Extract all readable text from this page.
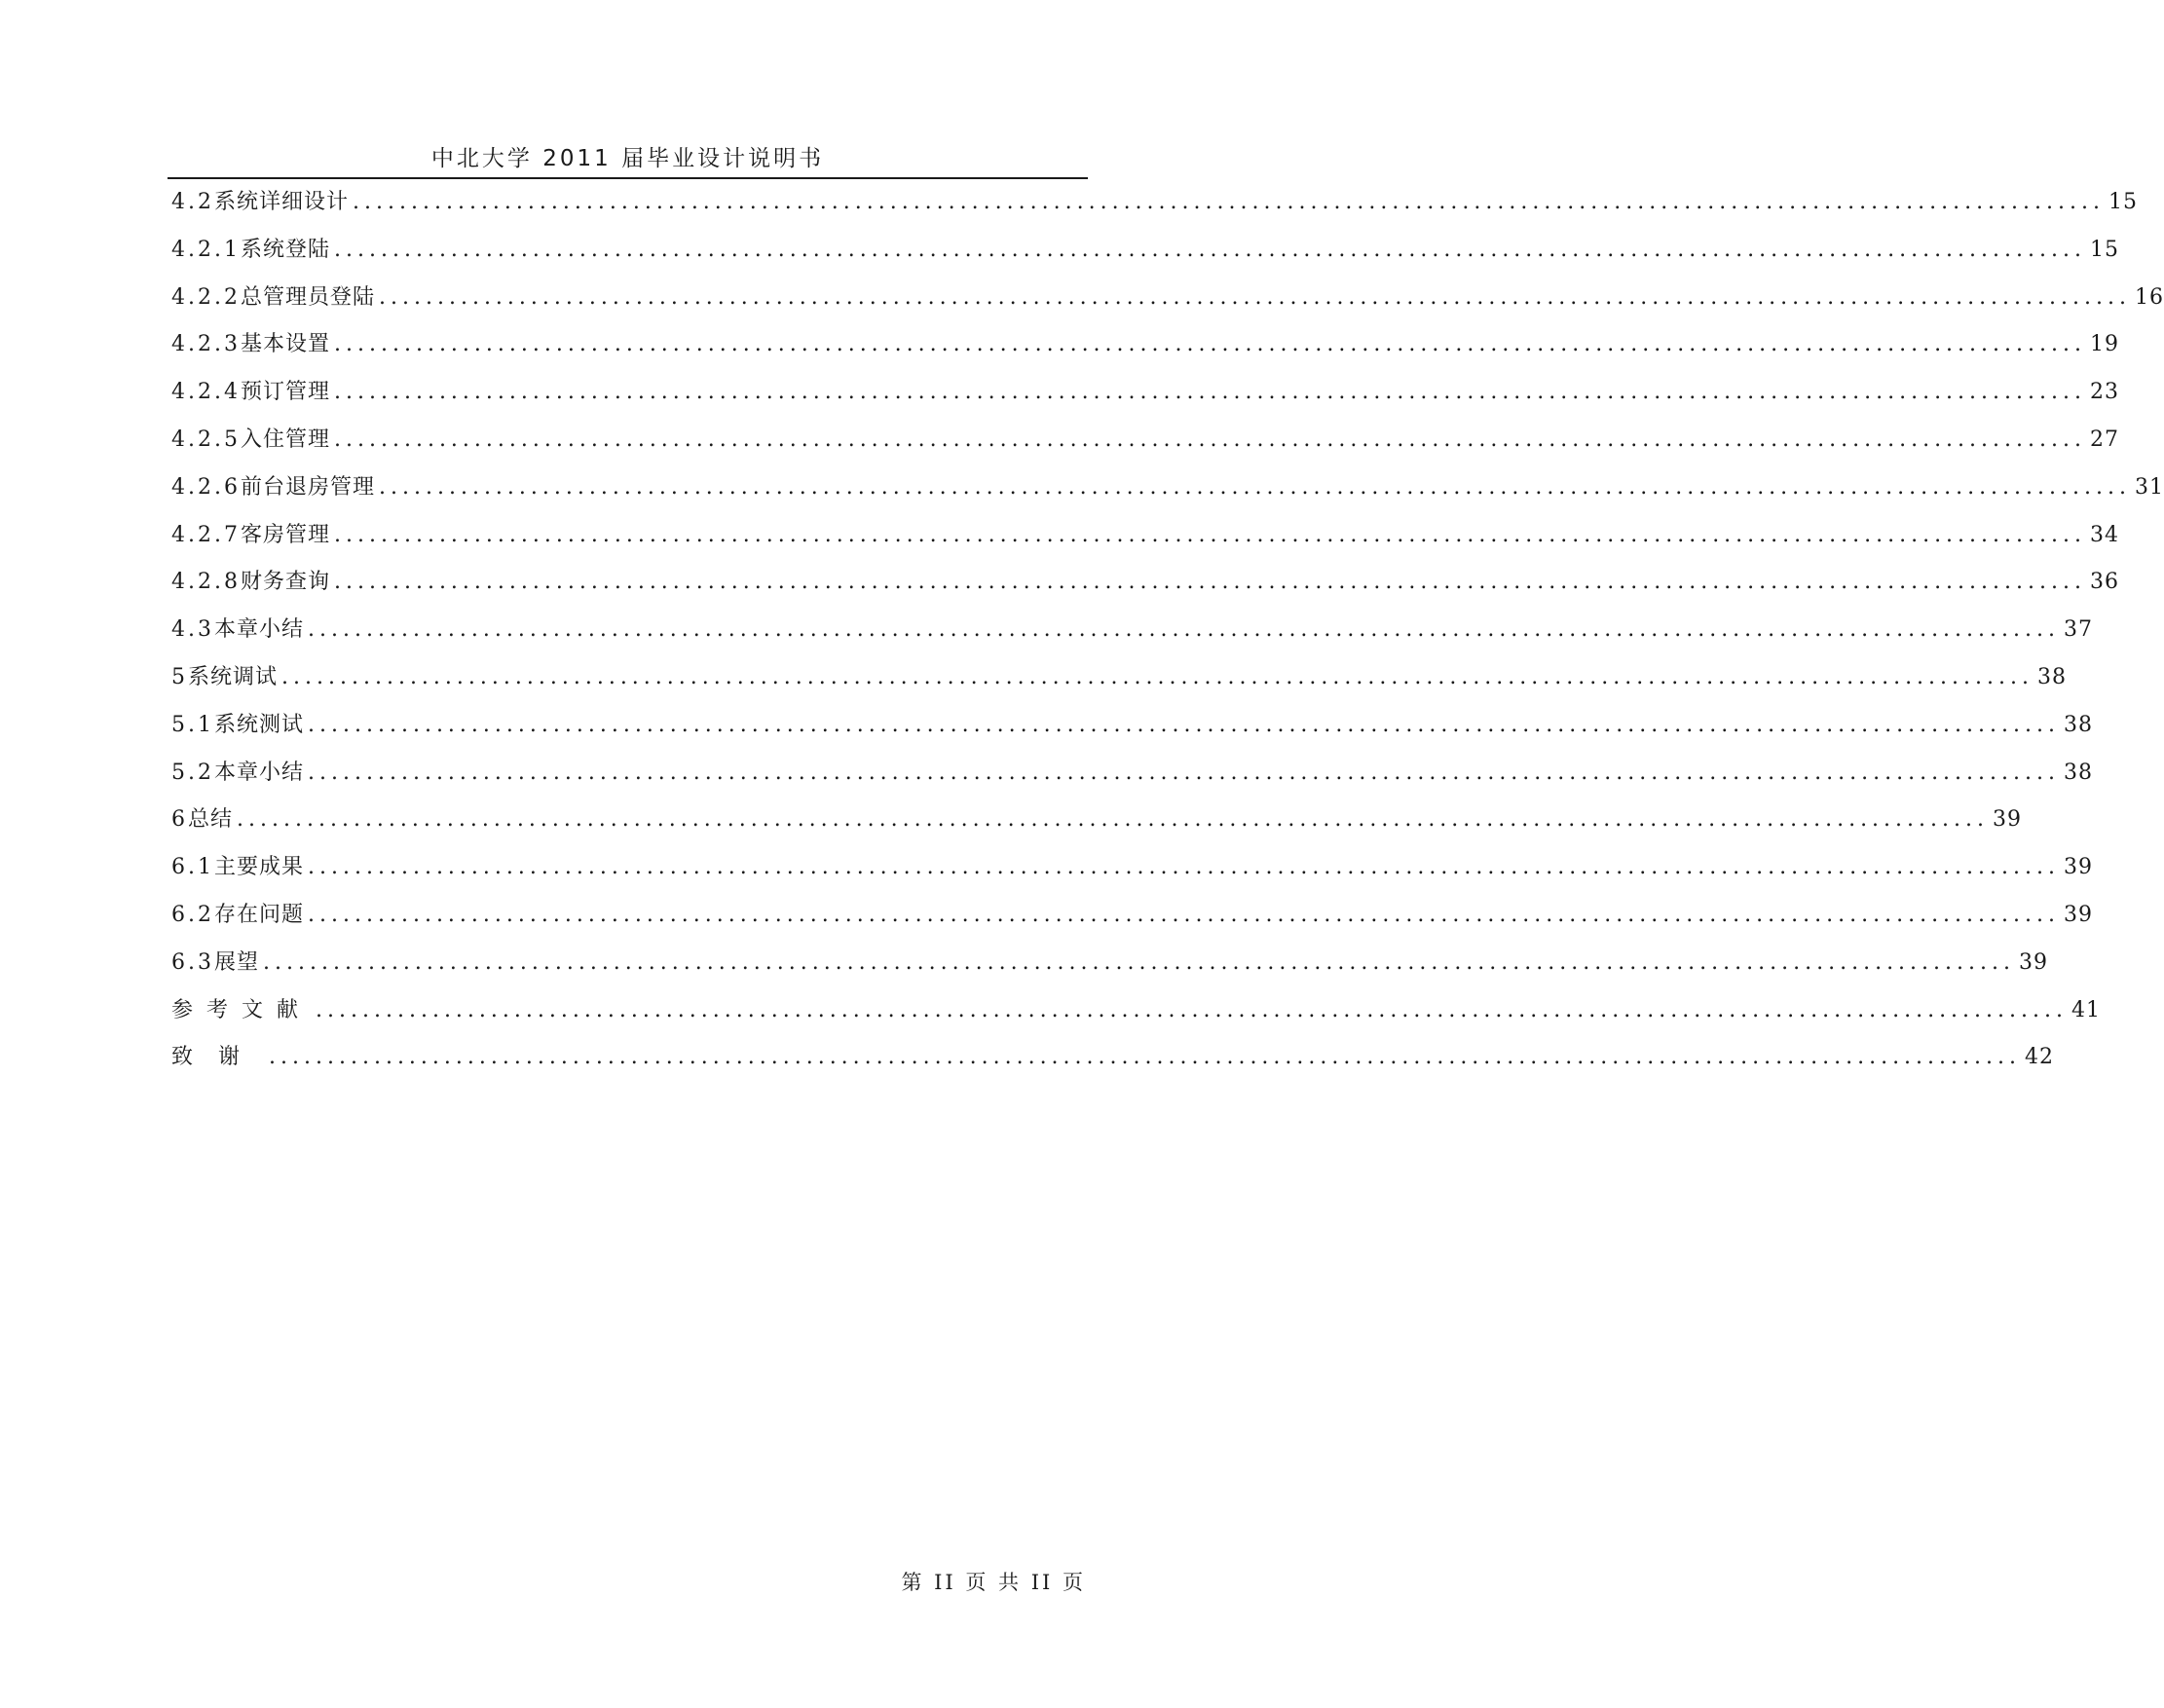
中北大学 2011 届毕业设计说明书
4.2 系统详细设计 ...................................................................................................................................................... 15
4.2.1 系统登陆 ...................................................................................................................................................... 15
4.2.2 总管理员登陆 ...................................................................................................................................................... 16
4.2.3 基本设置 ...................................................................................................................................................... 19
4.2.4 预订管理 ...................................................................................................................................................... 23
4.2.5 入住管理 ...................................................................................................................................................... 27
4.2.6 前台退房管理 ...................................................................................................................................................... 31
4.2.7 客房管理 ...................................................................................................................................................... 34
4.2.8 财务查询 ...................................................................................................................................................... 36
4.3 本章小结 ...................................................................................................................................................... 37
5 系统调试 ...................................................................................................................................................... 38
5.1 系统测试 ...................................................................................................................................................... 38
5.2 本章小结 ...................................................................................................................................................... 38
6 总结 ...................................................................................................................................................... 39
6.1 主要成果 ...................................................................................................................................................... 39
6.2 存在问题 ...................................................................................................................................................... 39
6.3 展望 ...................................................................................................................................................... 39
参考文献 ...................................................................................................................................................... 41
致谢 ...................................................................................................................................................... 42
第 II 页 共 II 页
